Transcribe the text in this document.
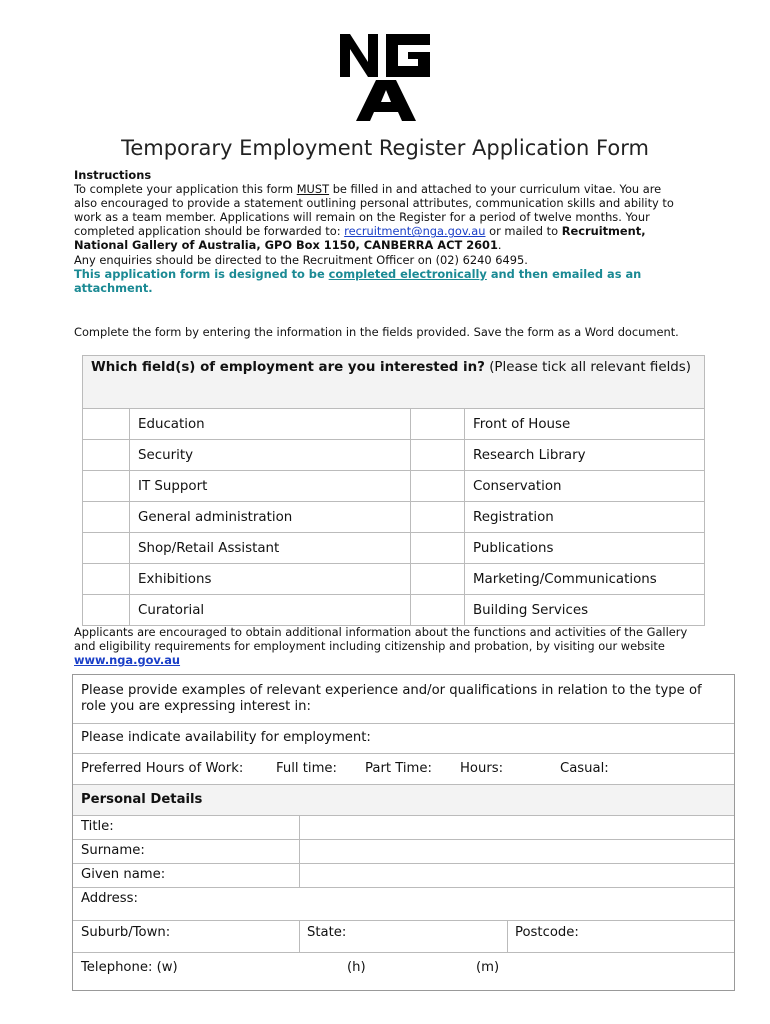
Temporary Employment Register Application Form
Instructions
To complete your application this form MUST be filled in and attached to your curriculum vitae. You are also encouraged to provide a statement outlining personal attributes, communication skills and ability to work as a team member. Applications will remain on the Register for a period of twelve months. Your completed application should be forwarded to: recruitment@nga.gov.au or mailed to Recruitment, National Gallery of Australia, GPO Box 1150, CANBERRA ACT 2601.
Any enquiries should be directed to the Recruitment Officer on (02) 6240 6495.
This application form is designed to be completed electronically and then emailed as an attachment.
Complete the form by entering the information in the fields provided. Save the form as a Word document.
Which field(s) of employment are you interested in? (Please tick all relevant fields)			
	Education		Front of House
	Security		Research Library
	IT Support		Conservation
	General administration		Registration
	Shop/Retail Assistant		Publications
	Exhibitions		Marketing/Communications
	Curatorial		Building Services
Applicants are encouraged to obtain additional information about the functions and activities of the Gallery and eligibility requirements for employment including citizenship and probation, by visiting our website www.nga.gov.au
Please provide examples of relevant experience and/or qualifications in relation to the type of role you are expressing interest in:
Please indicate availability for employment:
Preferred Hours of Work: Full time: Part Time: Hours:	Casual:
Personal Details
Title:
Surname:
Given name:
Address:
Suburb/Town:	State:	Postcode:
Telephone: (w)	(h)	(m)
